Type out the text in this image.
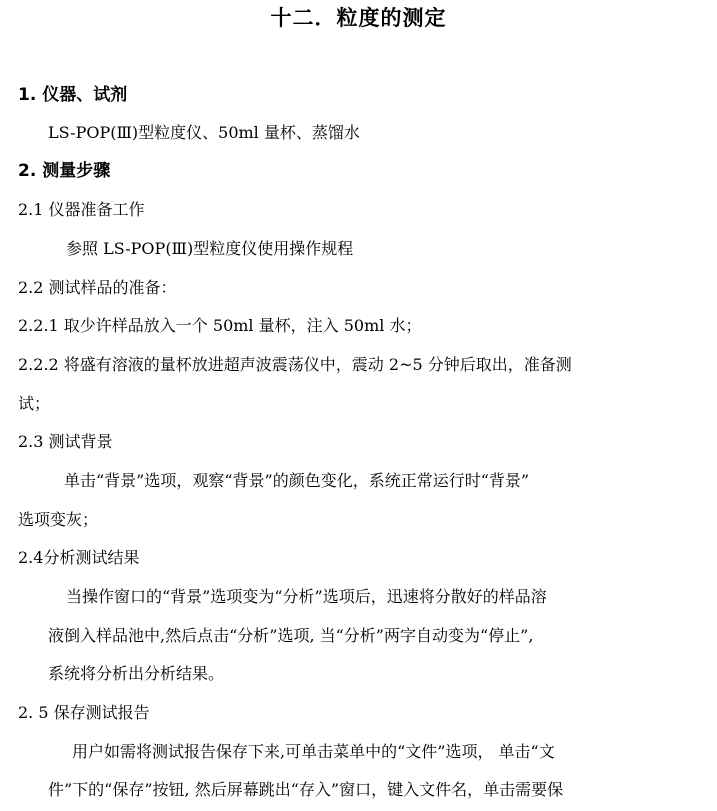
十二．粒度的测定
1. 仪器、试剂
LS-POP(Ⅲ)型粒度仪、50ml 量杯、蒸馏水
2. 测量步骤
2.1 仪器准备工作
参照 LS-POP(Ⅲ)型粒度仪使用操作规程
2.2 测试样品的准备：
2.2.1 取少许样品放入一个 50ml 量杯，注入 50ml 水；
2.2.2 将盛有溶液的量杯放进超声波震荡仪中，震动 2~5 分钟后取出，准备测
试；
2.3 测试背景
单击“背景”选项，观察“背景”的颜色变化，系统正常运行时“背景”
选项变灰；
2.4分析测试结果
当操作窗口的“背景”选项变为“分析”选项后，迅速将分散好的样品溶
液倒入样品池中,然后点击“分析”选项, 当“分析”两字自动变为“停止”,
系统将分析出分析结果。
2. 5 保存测试报告
用户如需将测试报告保存下来,可单击菜单中的“文件”选项， 单击“文
件”下的“保存”按钮, 然后屏幕跳出“存入”窗口，键入文件名，单击需要保
